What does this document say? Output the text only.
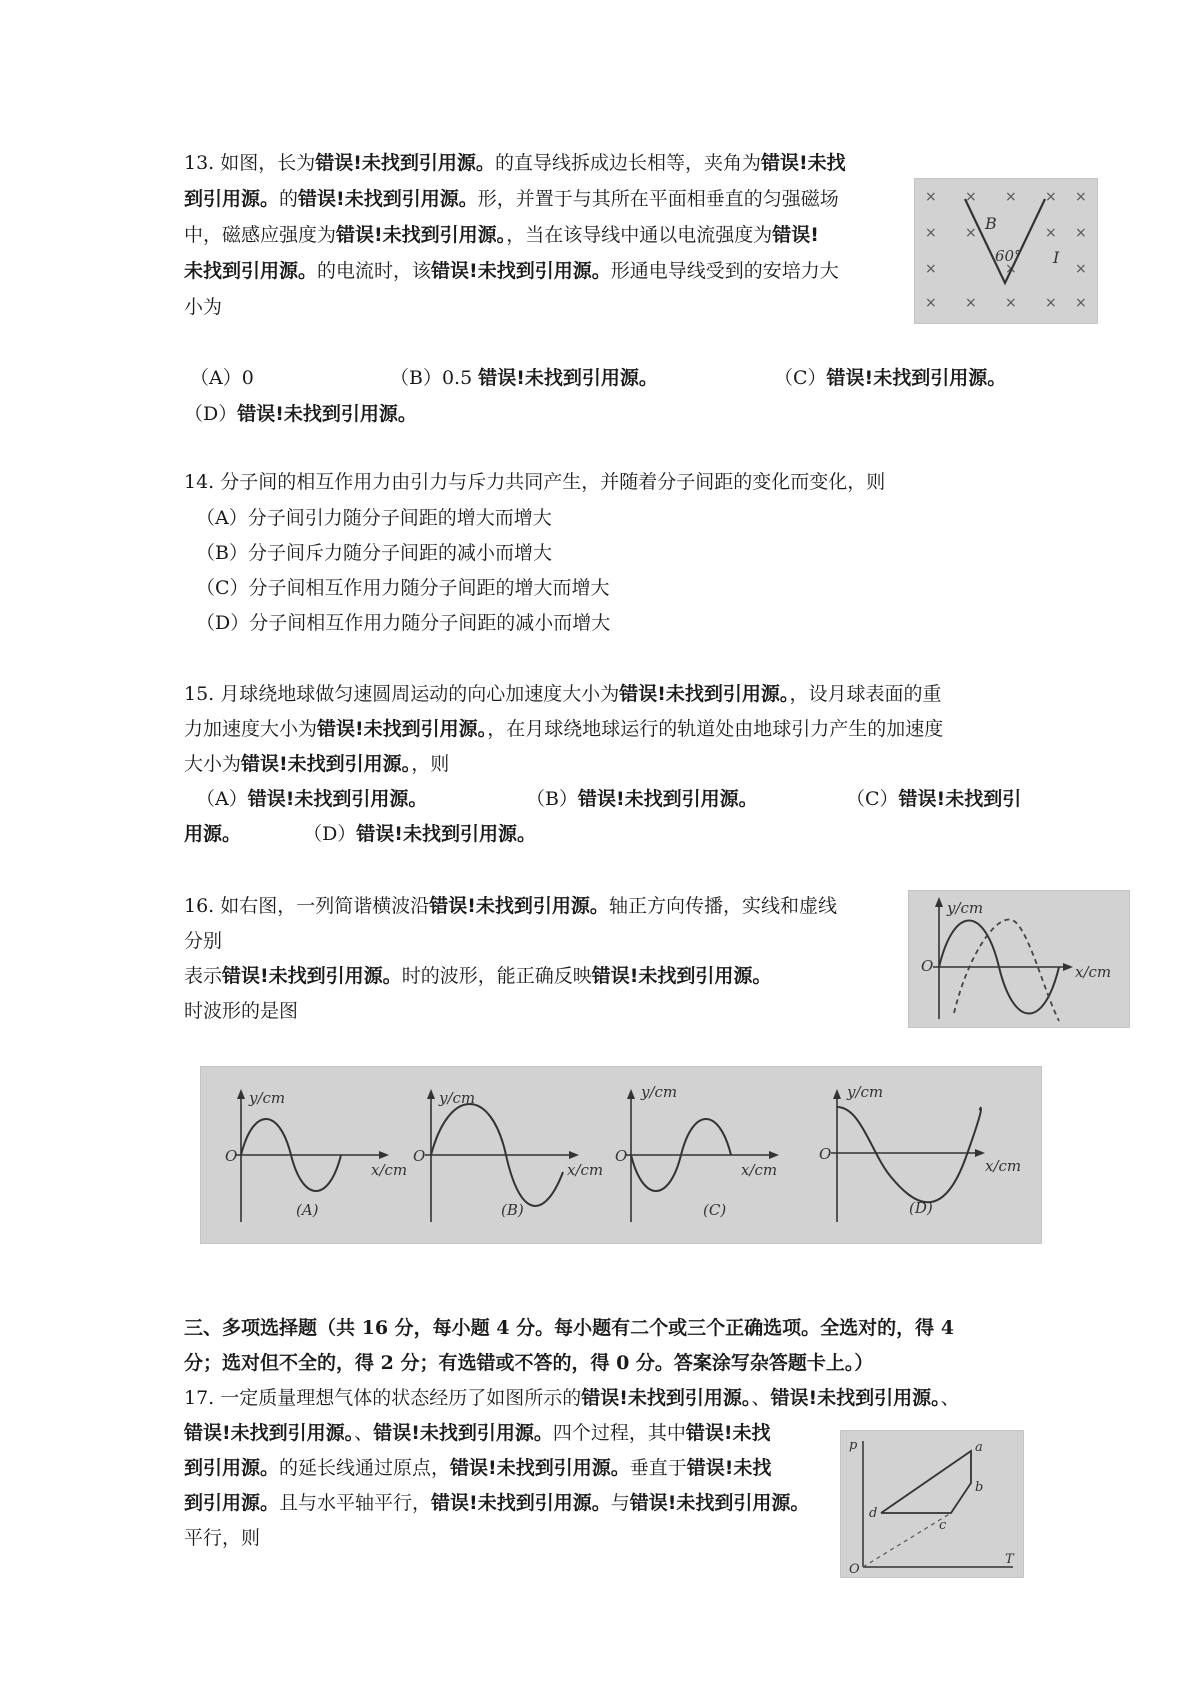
13. 如图，长为错误!未找到引用源。的直导线拆成边长相等，夹角为错误!未找
到引用源。的错误!未找到引用源。形，并置于与其所在平面相垂直的匀强磁场
中，磁感应强度为错误!未找到引用源。，当在该导线中通以电流强度为错误!
未找到引用源。的电流时，该错误!未找到引用源。形通电导线受到的安培力大
小为
× × × × ×
× ×	× ×
×	×	×
× × × × ×
B
60° I
（A）0	（B）0.5 错误!未找到引用源。	（C）错误!未找到引用源。
（D）错误!未找到引用源。
14. 分子间的相互作用力由引力与斥力共同产生，并随着分子间距的变化而变化，则
（A）分子间引力随分子间距的增大而增大
（B）分子间斥力随分子间距的减小而增大
（C）分子间相互作用力随分子间距的增大而增大
（D）分子间相互作用力随分子间距的减小而增大
15. 月球绕地球做匀速圆周运动的向心加速度大小为错误!未找到引用源。，设月球表面的重
力加速度大小为错误!未找到引用源。，在月球绕地球运行的轨道处由地球引力产生的加速度
大小为错误!未找到引用源。，则
（A）错误!未找到引用源。	（B）错误!未找到引用源。	（C）错误!未找到引
用源。	（D）错误!未找到引用源。
16. 如右图，一列简谐横波沿错误!未找到引用源。轴正方向传播，实线和虚线
分别
表示错误!未找到引用源。时的波形，能正确反映错误!未找到引用源。
时波形的是图
y/cm
x/cm
O
y/cm
x/cm
O
(A)
y/cm
x/cm
O
(B)
y/cm
x/cm
O
(C)
y/cm
x/cm
O
(D)
三、多项选择题（共 16 分，每小题 4 分。每小题有二个或三个正确选项。全选对的，得 4
分；选对但不全的，得 2 分；有选错或不答的，得 0 分。答案涂写杂答题卡上。）
17. 一定质量理想气体的状态经历了如图所示的错误!未找到引用源。、错误!未找到引用源。、
错误!未找到引用源。、错误!未找到引用源。四个过程，其中错误!未找
到引用源。的延长线通过原点，错误!未找到引用源。垂直于错误!未找
到引用源。且与水平轴平行，错误!未找到引用源。与错误!未找到引用源。
平行，则
p
T
O
a
b
c
d
